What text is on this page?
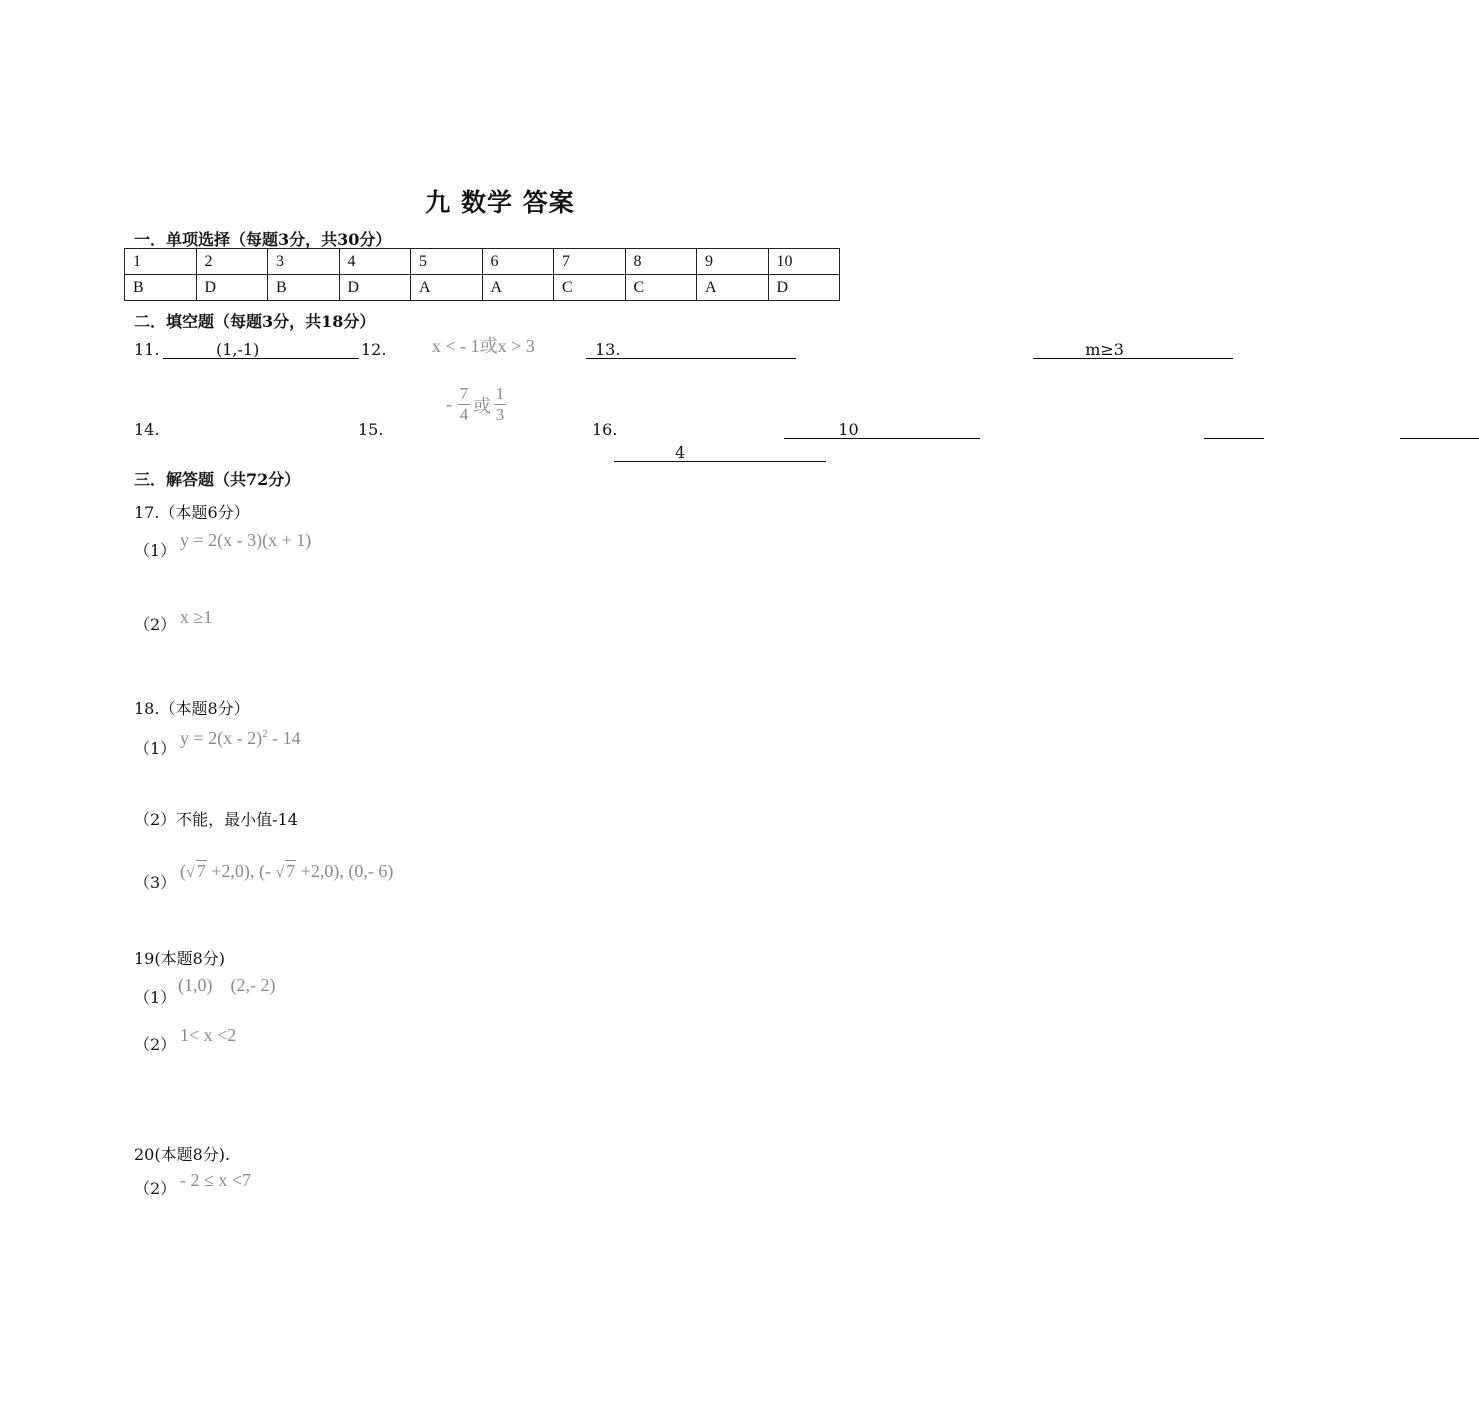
九 数学 答案
一．单项选择（每题3分，共30分）
1	2	3	4	5	6	7	8	9	10
B	D	B	D	A	A	C	C	A	D
二．填空题（每题3分，共18分）
11.	(1,-1)
	12.
	x < - 1或x > 3	13.	m≥3

14.	10

15.

- $\frac{7}{4}$ 或 $\frac{1}{3}$

16.
4
三．解答题（共72分）
17.（本题6分）
（1）
y = 2(x - 3)(x + 1)
（2） x ≥1
18.（本题8分）
（1）
y = 2(x - 2)$^2$ - 14
（2）不能，最小值-14
（3）
(√ 7 +2,0), (- √ 7 +2,0), (0,- 6)
19(本题8分)
（1）
(1,0)    (2,- 2)
（2） 1< x <2
20(本题8分).
（2） - 2 ≤ x <7
